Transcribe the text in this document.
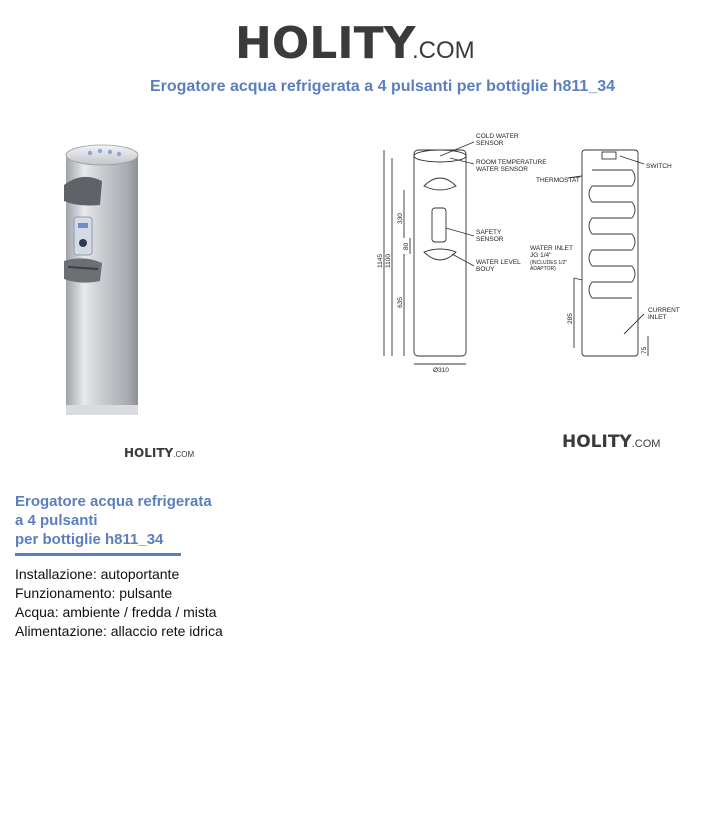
HOLITY
.COM
Erogatore acqua refrigerata a 4 pulsanti per bottiglie h811_34
COLD WATER
SENSOR
ROOM TEMPERATURE
WATER SENSOR
THERMOSTAT
SWITCH
SAFETY
SENSOR
WATER INLET
JG 1/4"
(INCLUDES 1/2"
ADAPTOR)
WATER LEVEL
BOUY
CURRENT
INLET
Ø310
1145 1100
330
80
635
285
75
HOLITY.COM
HOLITY.COM
Erogatore acqua refrigerata
a 4 pulsanti
per bottiglie h811_34
Installazione: autoportante
Funzionamento: pulsante
Acqua: ambiente / fredda / mista
Alimentazione: allaccio rete idrica
